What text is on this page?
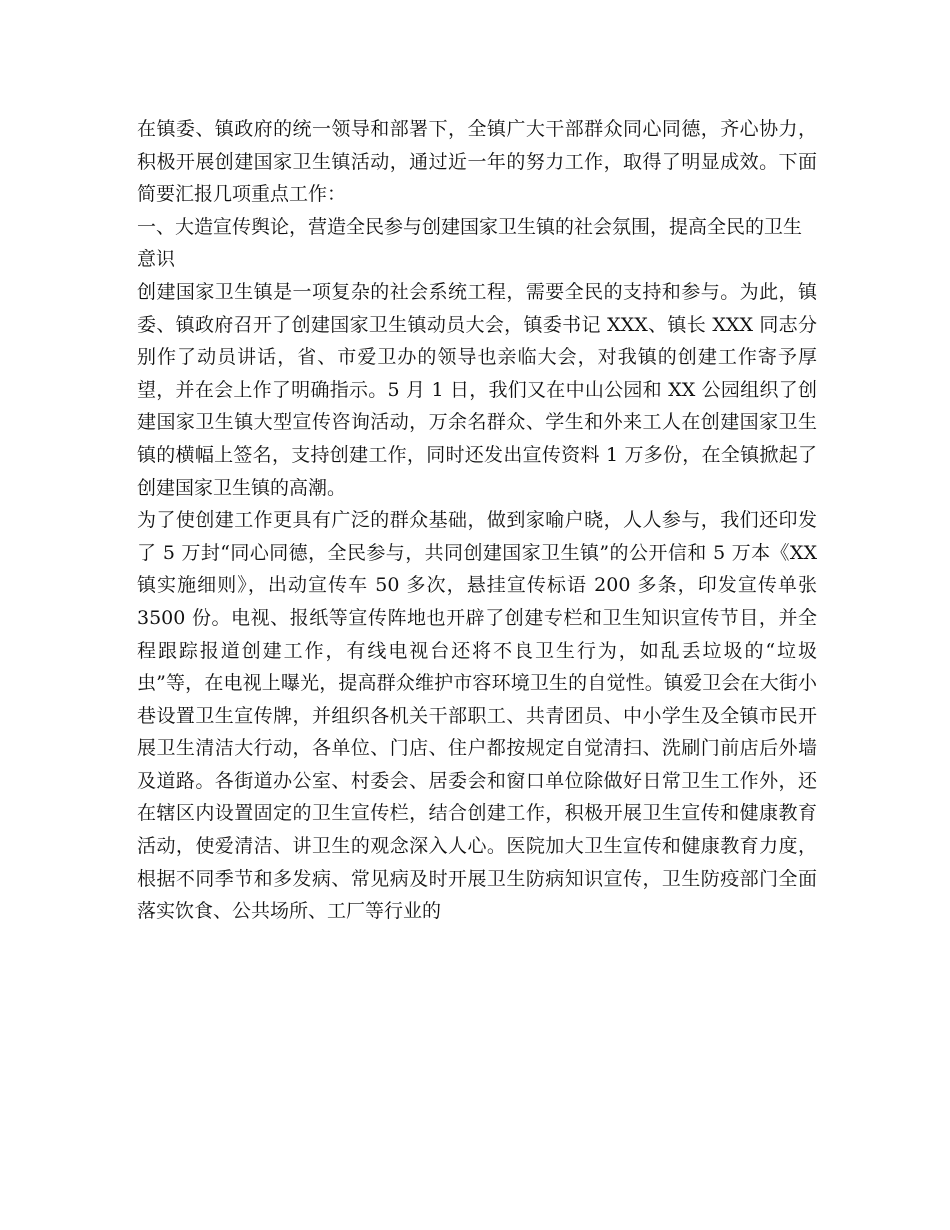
在镇委、镇政府的统一领导和部署下，全镇广大干部群众同心同德，齐心协力，积极开展创建国家卫生镇活动，通过近一年的努力工作，取得了明显成效。下面简要汇报几项重点工作：

一、大造宣传舆论，营造全民参与创建国家卫生镇的社会氛围，提高全民的卫生意识

创建国家卫生镇是一项复杂的社会系统工程，需要全民的支持和参与。为此，镇委、镇政府召开了创建国家卫生镇动员大会，镇委书记 XXX、镇长 XXX 同志分别作了动员讲话，省、市爱卫办的领导也亲临大会，对我镇的创建工作寄予厚望，并在会上作了明确指示。5 月 1 日，我们又在中山公园和 XX 公园组织了创建国家卫生镇大型宣传咨询活动，万余名群众、学生和外来工人在创建国家卫生镇的横幅上签名，支持创建工作，同时还发出宣传资料 1 万多份，在全镇掀起了创建国家卫生镇的高潮。

为了使创建工作更具有广泛的群众基础，做到家喻户晓，人人参与，我们还印发了 5 万封“同心同德，全民参与，共同创建国家卫生镇”的公开信和 5 万本《XX 镇实施细则》，出动宣传车 50 多次，悬挂宣传标语 200 多条，印发宣传单张 3500 份。电视、报纸等宣传阵地也开辟了创建专栏和卫生知识宣传节目，并全程跟踪报道创建工作，有线电视台还将不良卫生行为，如乱丢垃圾的“垃圾虫”等，在电视上曝光，提高群众维护市容环境卫生的自觉性。镇爱卫会在大街小巷设置卫生宣传牌，并组织各机关干部职工、共青团员、中小学生及全镇市民开展卫生清洁大行动，各单位、门店、住户都按规定自觉清扫、洗刷门前店后外墙及道路。各街道办公室、村委会、居委会和窗口单位除做好日常卫生工作外，还在辖区内设置固定的卫生宣传栏，结合创建工作，积极开展卫生宣传和健康教育活动，使爱清洁、讲卫生的观念深入人心。医院加大卫生宣传和健康教育力度，根据不同季节和多发病、常见病及时开展卫生防病知识宣传，卫生防疫部门全面落实饮食、公共场所、工厂等行业的
